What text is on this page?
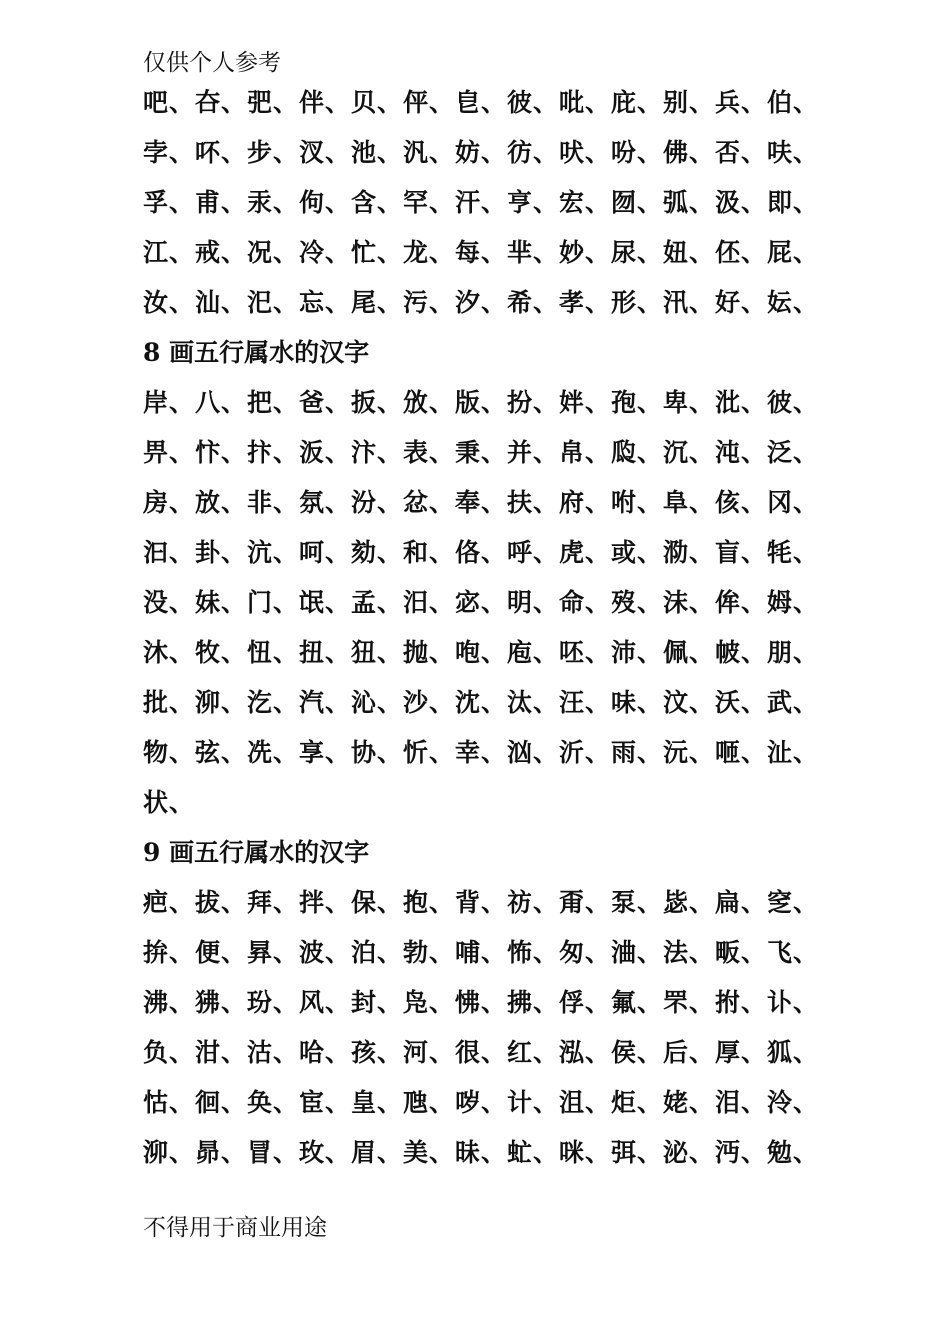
仅供个人参考
吧、夻、弝、伴、贝、伻、皀、彼、吡、庇、别、兵、伯、
孛、吥、步、汊、池、汎、妨、彷、吠、吩、佛、否、呋、
孚、甫、汞、佝、含、罕、汗、亨、宏、囫、弧、汲、即、
江、戒、况、冷、忙、龙、每、芈、妙、尿、妞、伾、屁、
汝、汕、汜、忘、尾、污、汐、希、孝、形、汛、好、妘、
8 画五行属水的汉字
岸、八、把、爸、扳、攽、版、扮、姅、孢、卑、沘、彼、
畀、忭、抃、汳、汴、表、秉、并、帛、瓝、沉、沌、泛、
房、放、非、氛、汾、忿、奉、扶、府、咐、阜、侅、冈、
汩、卦、沆、呵、劾、和、佫、呼、虎、或、泐、盲、牦、
没、妹、门、氓、孟、汨、宓、明、命、歿、沫、侔、姆、
沐、牧、忸、扭、狃、抛、咆、庖、呸、沛、佩、帔、朋、
批、泖、汔、汽、沁、沙、沈、汰、汪、味、汶、沃、武、
物、弦、冼、享、协、忻、幸、汹、沂、雨、沅、咂、沚、
状、
9 画五行属水的汉字
疤、拔、拜、拌、保、抱、背、祊、甭、泵、毖、扁、窆、
拚、便、昪、波、泊、勃、哺、怖、匆、浀、法、畈、飞、
沸、狒、玢、风、封、凫、怫、拂、俘、氟、罘、拊、讣、
负、泔、沽、哈、孩、河、很、红、泓、侯、后、厚、狐、
怙、徊、奂、宦、皇、虺、哕、计、沮、炬、姥、泪、泠、
泖、昴、冒、玫、眉、美、昧、虻、咪、弭、泌、沔、勉、
不得用于商业用途
